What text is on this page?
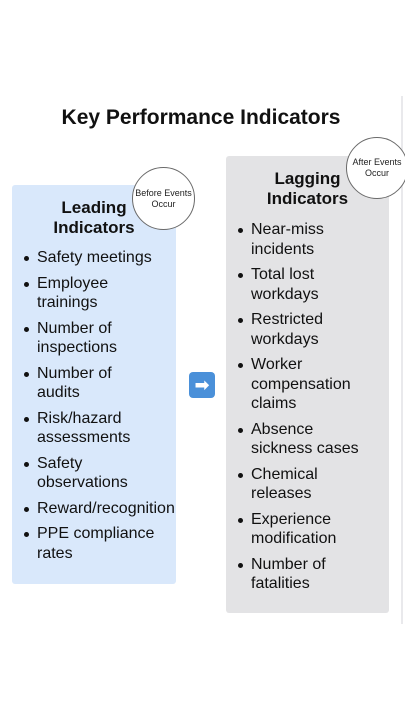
Key Performance Indicators
Leading
Indicators
Safety meetings
Employee
trainings
Number of
inspections
Number of
audits
Risk/hazard
assessments
Safety
observations
Reward/recognition
PPE compliance
rates
Before Events
Occur
➡
Lagging
Indicators
Near-miss
incidents
Total lost
workdays
Restricted
workdays
Worker
compensation
claims
Absence
sickness cases
Chemical
releases
Experience
modification
Number of
fatalities
After Events
Occur
